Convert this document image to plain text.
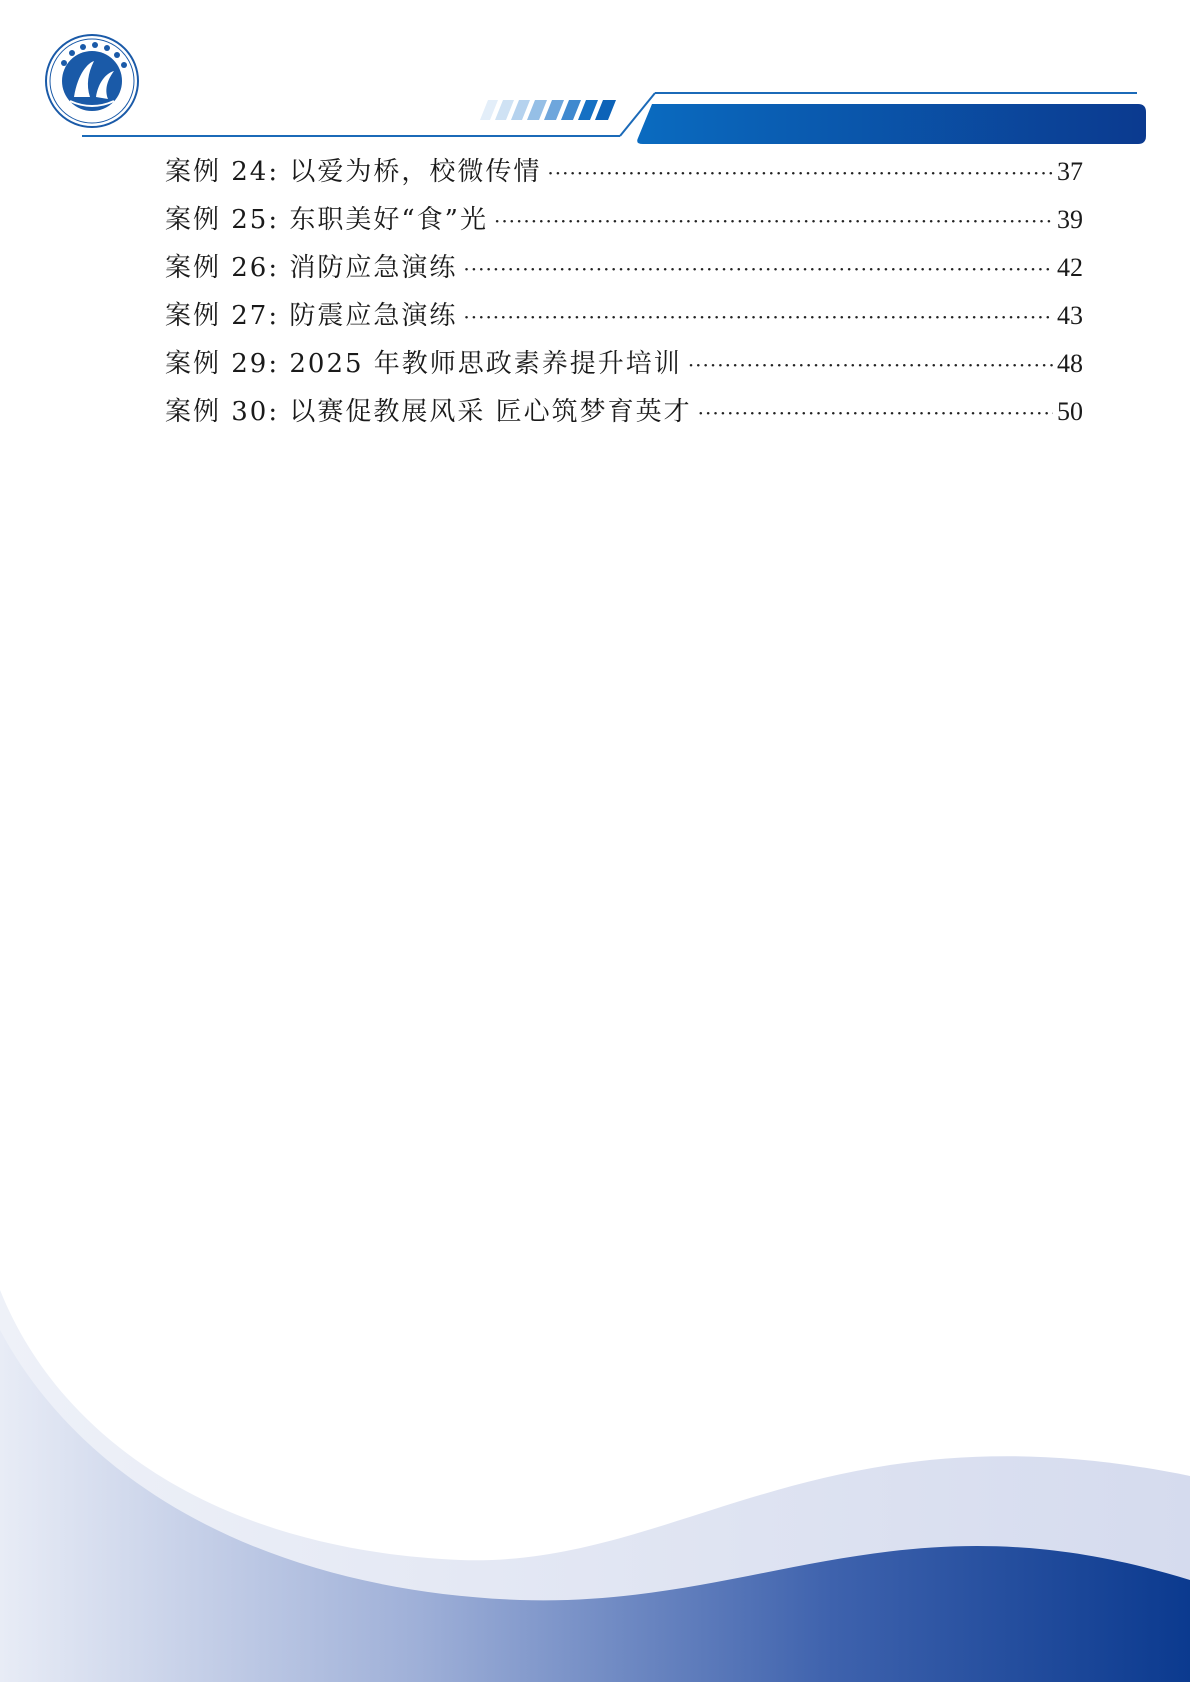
案例 24: 以爱为桥，校微传情 ·····	37
案例 25: 东职美好“食”光 ·····	39
案例 26: 消防应急演练 ·····	42
案例 27: 防震应急演练 ·····	43
案例 29: 2025 年教师思政素养提升培训 ·····	48
案例 30: 以赛促教展风采 匠心筑梦育英才 ·····	50
